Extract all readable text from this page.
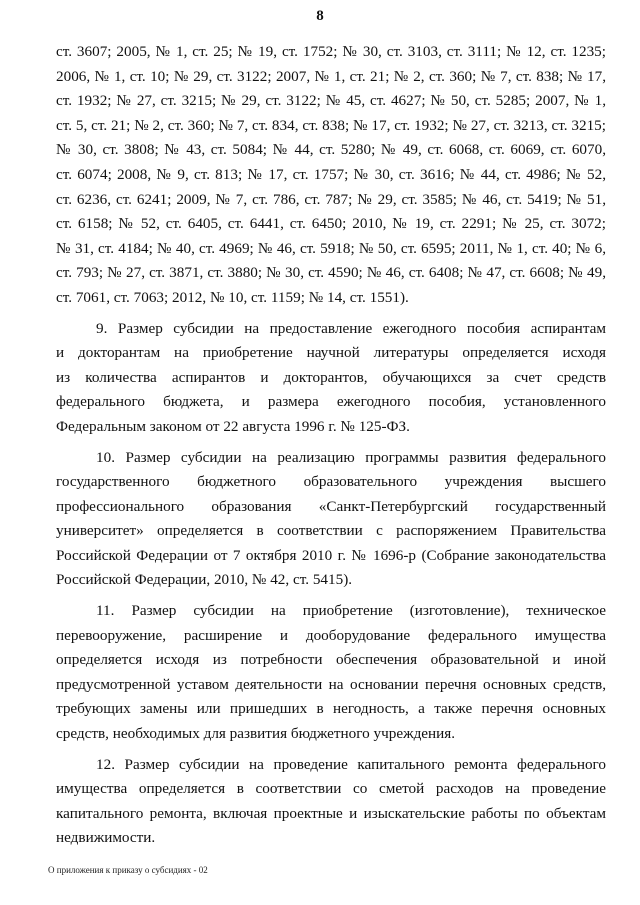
8
ст. 3607; 2005, № 1, ст. 25; № 19, ст. 1752; № 30, ст. 3103, ст. 3111; № 12, ст. 1235;
2006, № 1, ст. 10; № 29, ст. 3122; 2007, № 1, ст. 21; № 2, ст. 360; № 7, ст. 838; № 17,
ст. 1932; № 27, ст. 3215; № 29, ст. 3122; № 45, ст. 4627; № 50, ст. 5285; 2007, № 1,
ст. 5, ст. 21; № 2, ст. 360; № 7, ст. 834, ст. 838; № 17, ст. 1932; № 27, ст. 3213, ст. 3215;
№ 30, ст. 3808; № 43, ст. 5084; № 44, ст. 5280; № 49, ст. 6068, ст. 6069, ст. 6070,
ст. 6074; 2008, № 9, ст. 813; № 17, ст. 1757; № 30, ст. 3616; № 44, ст. 4986; № 52,
ст. 6236, ст. 6241; 2009, № 7, ст. 786, ст. 787; № 29, ст. 3585; № 46, ст. 5419; № 51,
ст. 6158; № 52, ст. 6405, ст. 6441, ст. 6450; 2010, № 19, ст. 2291; № 25, ст. 3072;
№ 31, ст. 4184; № 40, ст. 4969; № 46, ст. 5918; № 50, ст. 6595; 2011, № 1, ст. 40; № 6,
ст. 793; № 27, ст. 3871, ст. 3880; № 30, ст. 4590; № 46, ст. 6408; № 47, ст. 6608; № 49,
ст. 7061, ст. 7063; 2012, № 10, ст. 1159; № 14, ст. 1551).
9. Размер субсидии на предоставление ежегодного пособия аспирантам
и докторантам на приобретение научной литературы определяется исходя
из количества аспирантов и докторантов, обучающихся за счет средств
федерального бюджета, и размера ежегодного пособия, установленного
Федеральным законом от 22 августа 1996 г. № 125-ФЗ.
10. Размер субсидии на реализацию программы развития федерального
государственного бюджетного образовательного учреждения высшего
профессионального образования «Санкт-Петербургский государственный
университет» определяется в соответствии с распоряжением Правительства
Российской Федерации от 7 октября 2010 г. № 1696-р (Собрание законодательства
Российской Федерации, 2010, № 42, ст. 5415).
11. Размер субсидии на приобретение (изготовление), техническое
перевооружение, расширение и дооборудование федерального имущества
определяется исходя из потребности обеспечения образовательной и иной
предусмотренной уставом деятельности на основании перечня основных средств,
требующих замены или пришедших в негодность, а также перечня основных
средств, необходимых для развития бюджетного учреждения.
12. Размер субсидии на проведение капитального ремонта федерального
имущества определяется в соответствии со сметой расходов на проведение
капитального ремонта, включая проектные и изыскательские работы по объектам
недвижимости.
О приложения к приказу о субсидиях - 02
